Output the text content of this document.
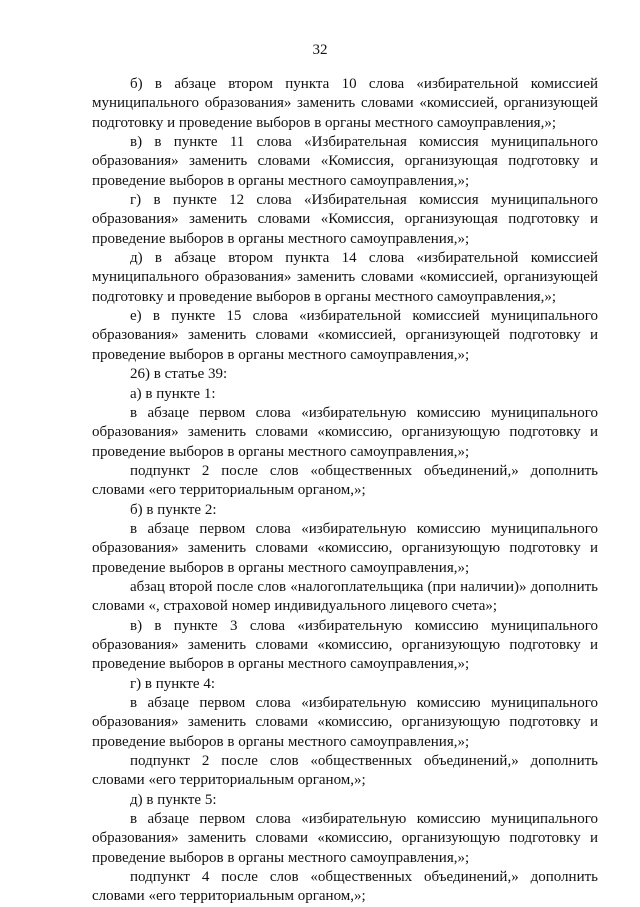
32

б) в абзаце втором пункта 10 слова «избирательной комиссией муниципального образования» заменить словами «комиссией, организующей подготовку и проведение выборов в органы местного самоуправления,»;

в) в пункте 11 слова «Избирательная комиссия муниципального образования» заменить словами «Комиссия, организующая подготовку и проведение выборов в органы местного самоуправления,»;

г) в пункте 12 слова «Избирательная комиссия муниципального образования» заменить словами «Комиссия, организующая подготовку и проведение выборов в органы местного самоуправления,»;

д) в абзаце втором пункта 14 слова «избирательной комиссией муниципального образования» заменить словами «комиссией, организующей подготовку и проведение выборов в органы местного самоуправления,»;

е) в пункте 15 слова «избирательной комиссией муниципального образования» заменить словами «комиссией, организующей подготовку и проведение выборов в органы местного самоуправления,»;

26) в статье 39:

а) в пункте 1:

в абзаце первом слова «избирательную комиссию муниципального образования» заменить словами «комиссию, организующую подготовку и проведение выборов в органы местного самоуправления,»;

подпункт 2 после слов «общественных объединений,» дополнить словами «его территориальным органом,»;

б) в пункте 2:

в абзаце первом слова «избирательную комиссию муниципального образования» заменить словами «комиссию, организующую подготовку и проведение выборов в органы местного самоуправления,»;

абзац второй после слов «налогоплательщика (при наличии)» дополнить словами «, страховой номер индивидуального лицевого счета»;

в) в пункте 3 слова «избирательную комиссию муниципального образования» заменить словами «комиссию, организующую подготовку и проведение выборов в органы местного самоуправления,»;

г) в пункте 4:

в абзаце первом слова «избирательную комиссию муниципального образования» заменить словами «комиссию, организующую подготовку и проведение выборов в органы местного самоуправления,»;

подпункт 2 после слов «общественных объединений,» дополнить словами «его территориальным органом,»;

д) в пункте 5:

в абзаце первом слова «избирательную комиссию муниципального образования» заменить словами «комиссию, организующую подготовку и проведение выборов в органы местного самоуправления,»;

подпункт 4 после слов «общественных объединений,» дополнить словами «его территориальным органом,»;
